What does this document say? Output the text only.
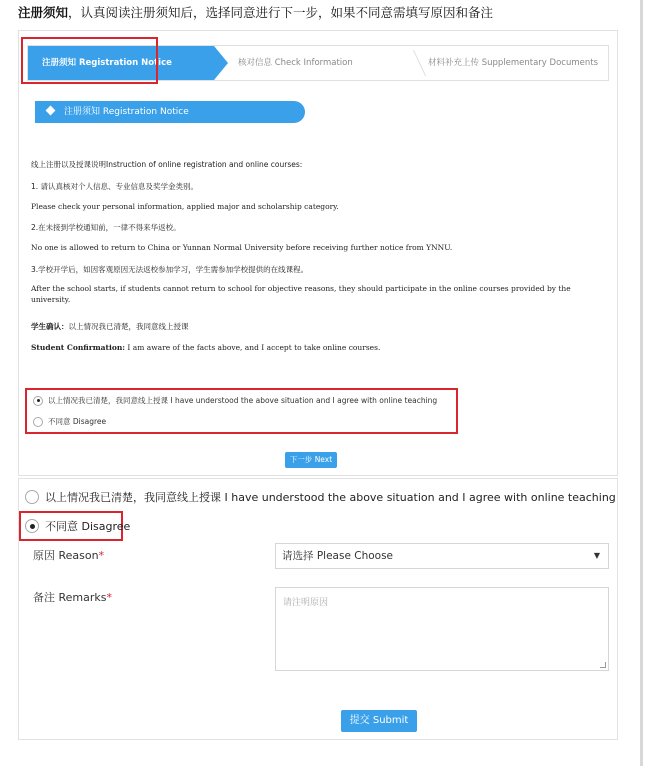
注册须知，认真阅读注册须知后，选择同意进行下一步，如果不同意需填写原因和备注
注册须知 Registration Notice	核对信息 Check Information	材料补充上传 Supplementary Documents
注册须知 Registration Notice
线上注册以及授课说明Instruction of online registration and online courses:
1. 请认真核对个人信息、专业信息及奖学金类别。
Please check your personal information, applied major and scholarship category.
2.在未接到学校通知前，一律不得来华返校。
No one is allowed to return to China or Yunnan Normal University before receiving further notice from YNNU.
3.学校开学后，如因客观原因无法返校参加学习，学生需参加学校提供的在线课程。
After the school starts, if students cannot return to school for objective reasons, they should participate in the online courses provided by the university.
学生确认：以上情况我已清楚，我同意线上授课
Student Confirmation: I am aware of the facts above, and I accept to take online courses.
以上情况我已清楚，我同意线上授课 I have understood the above situation and I agree with online teaching
不同意 Disagree
下一步 Next
以上情况我已清楚，我同意线上授课 I have understood the above situation and I agree with online teaching
不同意 Disagree
原因 Reason*	请选择 Please Choose	▼
备注 Remarks*	请注明原因
提交 Submit
